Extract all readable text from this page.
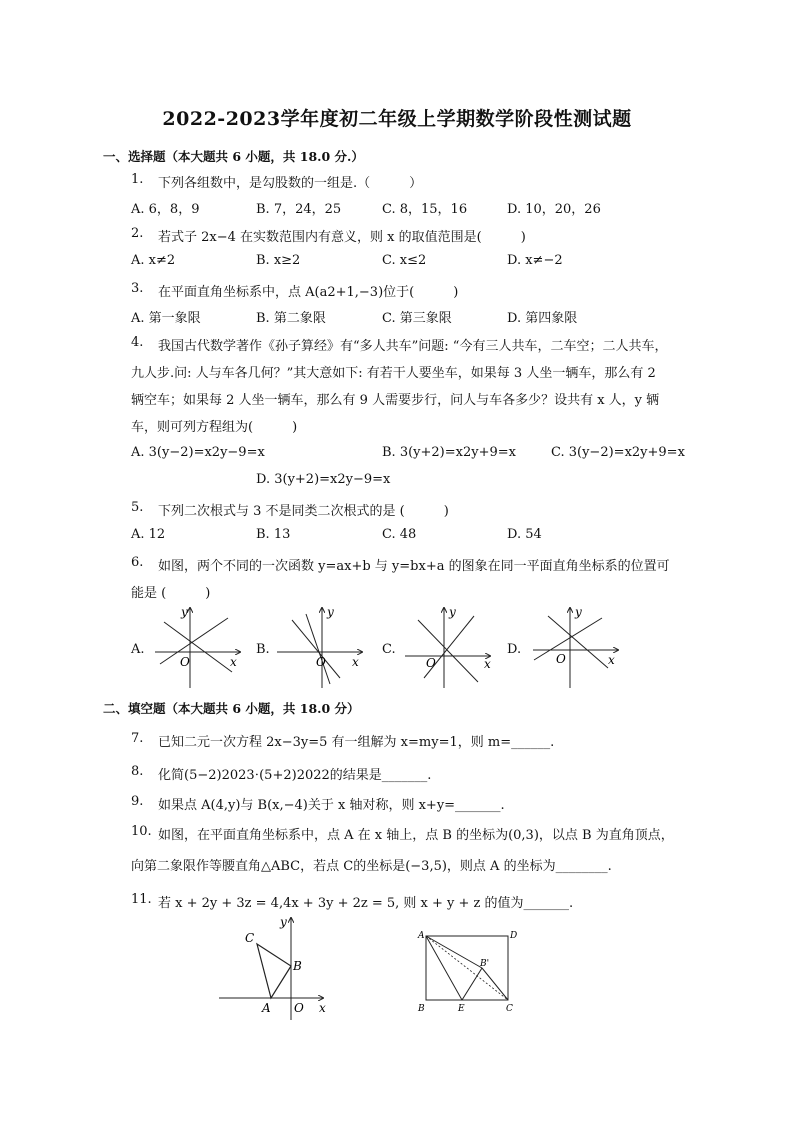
2022-2023学年度初二年级上学期数学阶段性测试题
一、选择题（本大题共 6 小题，共 18.0 分.）
1. 下列各组数中，是勾股数的一组是.（　　　）
A. 6，8，9	B. 7，24，25	C. 8，15，16	D. 10，20，26
2. 若式子 2x−4 在实数范围内有意义，则 x 的取值范围是(　　　)
A. x≠2	B. x≥2	C. x≤2	D. x≠−2
3. 在平面直角坐标系中，点 A(a2+1,−3)位于(　　　)
A. 第一象限	B. 第二象限	C. 第三象限	D. 第四象限
4. 我国古代数学著作《孙子算经》有“多人共车”问题: “今有三人共车，二车空；二人共车，
九人步.问: 人与车各几何？”其大意如下: 有若干人要坐车，如果每 3 人坐一辆车，那么有 2
辆空车；如果每 2 人坐一辆车，那么有 9 人需要步行，问人与车各多少？设共有 x 人，y 辆
车，则可列方程组为(　　　)
A. 3(y−2)=x2y−9=x	B. 3(y+2)=x2y+9=x	C. 3(y−2)=x2y+9=x
D. 3(y+2)=x2y−9=x
5. 下列二次根式与 3 不是同类二次根式的是 (　　　)
A. 12	B. 13	C. 48	D. 54
6. 如图，两个不同的一次函数 y=ax+b 与 y=bx+a 的图象在同一平面直角坐标系的位置可
能是 (　　　)
A.	B.	C.	D.
O	x
y
O x
y
O	x
y
O	x
y
二、填空题（本大题共 6 小题，共 18.0 分）
7. 已知二元一次方程 2x−3y=5 有一组解为 x=my=1，则 m=______.
8. 化简(5−2)2023⋅(5+2)2022的结果是_______.
9. 如果点 A(4,y)与 B(x,−4)关于 x 轴对称，则 x+y=_______.
10. 如图，在平面直角坐标系中，点 A 在 x 轴上，点 B 的坐标为(0,3)，以点 B 为直角顶点，
向第二象限作等腰直角△ABC，若点 C的坐标是(−3,5)，则点 A 的坐标为________.
11. 若 x + 2y + 3z = 4,4x + 3y + 2z = 5, 则 x + y + z 的值为_______.
C
B
A O x
y
A	D
B'
B	E	C
